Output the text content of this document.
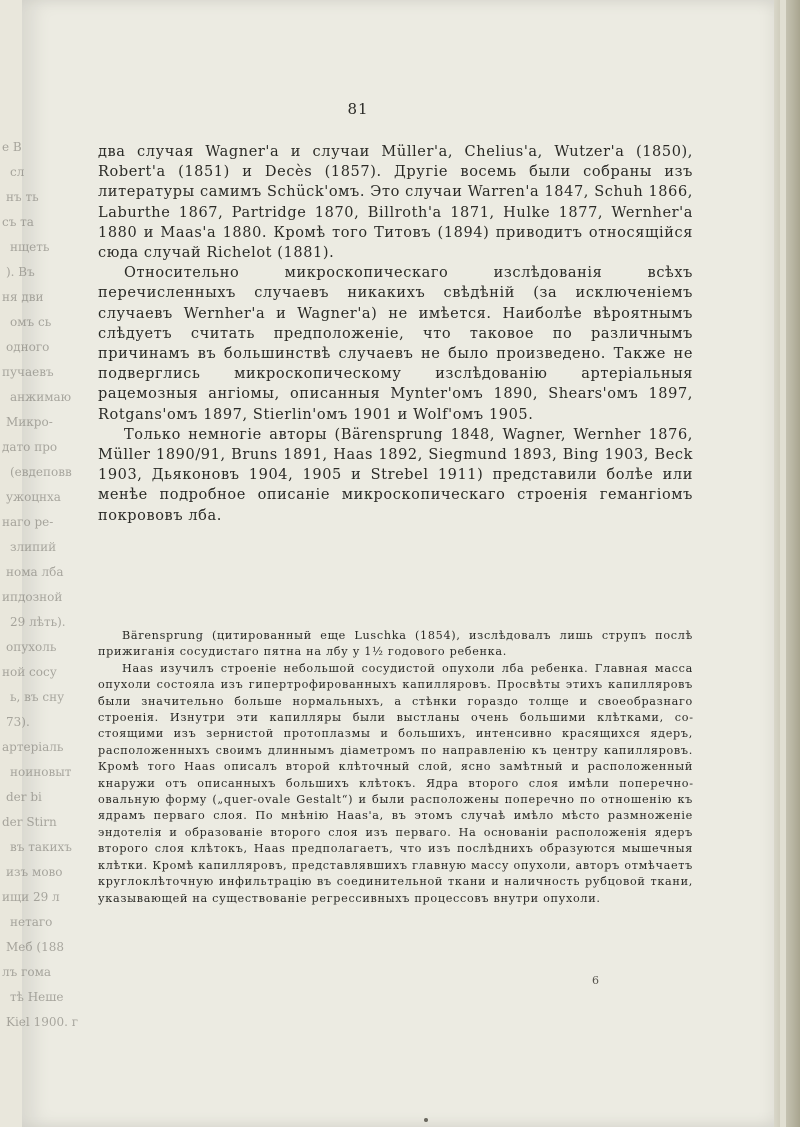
е В
сл
нъ ть
съ та
нщеть
). Въ
ня дви
омъ сь
одного
пучаевъ
анжимаю
Микро-
дато про
(евдеповв
ужоцнха
наго ре-
злипий
нома лба
ипдозной
29 лѣть).
опухоль
ной сосу
ь, въ сну
73).
артеріаль
ноиновыт
der bi
der Stirn
въ такихъ
изъ мово
ищи 29 л
нетаго
Меб (188
лъ гома
тѣ Неше
Kiel 1900. г
81

два случая Wagner'а и случаи Müller'а, Chelius'а, Wutzer'а (1850), Robert'а (1851) и Decès (1857). Другіе восемь были собраны изъ литературы самимъ Schück'омъ. Это случаи Warren'а 1847, Schuh 1866, Laburthe 1867, Partridge 1870, Billroth'а 1871, Hulke 1877, Wernher'а 1880 и Maas'а 1880. Кромѣ того Титовъ (1894) приводитъ относящійся сюда случай Richelot (1881).

Относительно микроскопическаго изслѣдованія всѣхъ перечисленныхъ случаевъ никакихъ свѣдѣній (за исключеніемъ случаевъ Wernher'а и Wagner'а) не имѣется. Наиболѣе вѣроятнымъ слѣдуетъ считать предположеніе, что таковое по различнымъ причинамъ въ большинствѣ случаевъ не было произведено. Также не подверглись микроскопическому изслѣдованію артеріальныя рацемозныя ангіомы, описанныя Mynter'омъ 1890, Shears'омъ 1897, Rotgans'омъ 1897, Stierlin'омъ 1901 и Wolf'омъ 1905.

Только немногіе авторы (Bärensprung 1848, Wagner, Wernher 1876, Müller 1890/91, Bruns 1891, Haas 1892, Siegmund 1893, Bing 1903, Beck 1903, Дьяконовъ 1904, 1905 и Strebel 1911) представили болѣе или менѣе подробное описаніе микроскопическаго строенія гемангіомъ покрововъ лба.

Bärensprung (цитированный еще Luschka (1854), изслѣдовалъ лишь струпъ послѣ прижиганія сосудистаго пятна на лбу у 1½ годового ребенка.

Haas изучилъ строеніе небольшой сосудистой опухоли лба ребенка. Главная масса опухоли состояла изъ гипертрофированныхъ капилляровъ. Просвѣты этихъ капилляровъ были значительно больше нормальныхъ, а стѣнки гораздо толще и своеобразнаго строенія. Изнутри эти капилляры были выстланы очень большими клѣтками, состоящими изъ зернистой протоплазмы и большихъ, интенсивно красящихся ядеръ, расположенныхъ своимъ длиннымъ діаметромъ по направленію къ центру капилляровъ. Кромѣ того Haas описалъ второй клѣточный слой, ясно замѣтный и расположенный кнаружи отъ описанныхъ большихъ клѣтокъ. Ядра второго слоя имѣли поперечноовальную форму („quer-ovale Gestalt“) и были расположены поперечно по отношенію къ ядрамъ перваго слоя. По мнѣнію Haas'а, въ этомъ случаѣ имѣло мѣсто размноженіе эндотелія и образованіе второго слоя изъ перваго. На основаніи расположенія ядеръ второго слоя клѣтокъ, Haas предполагаетъ, что изъ послѣднихъ образуются мышечныя клѣтки. Кромѣ капилляровъ, представлявшихъ главную массу опухоли, авторъ отмѣчаетъ круглоклѣточную инфильтрацію въ соединительной ткани и наличность рубцовой ткани, указывающей на существованіе регрессивныхъ процессовъ внутри опухоли.

6
